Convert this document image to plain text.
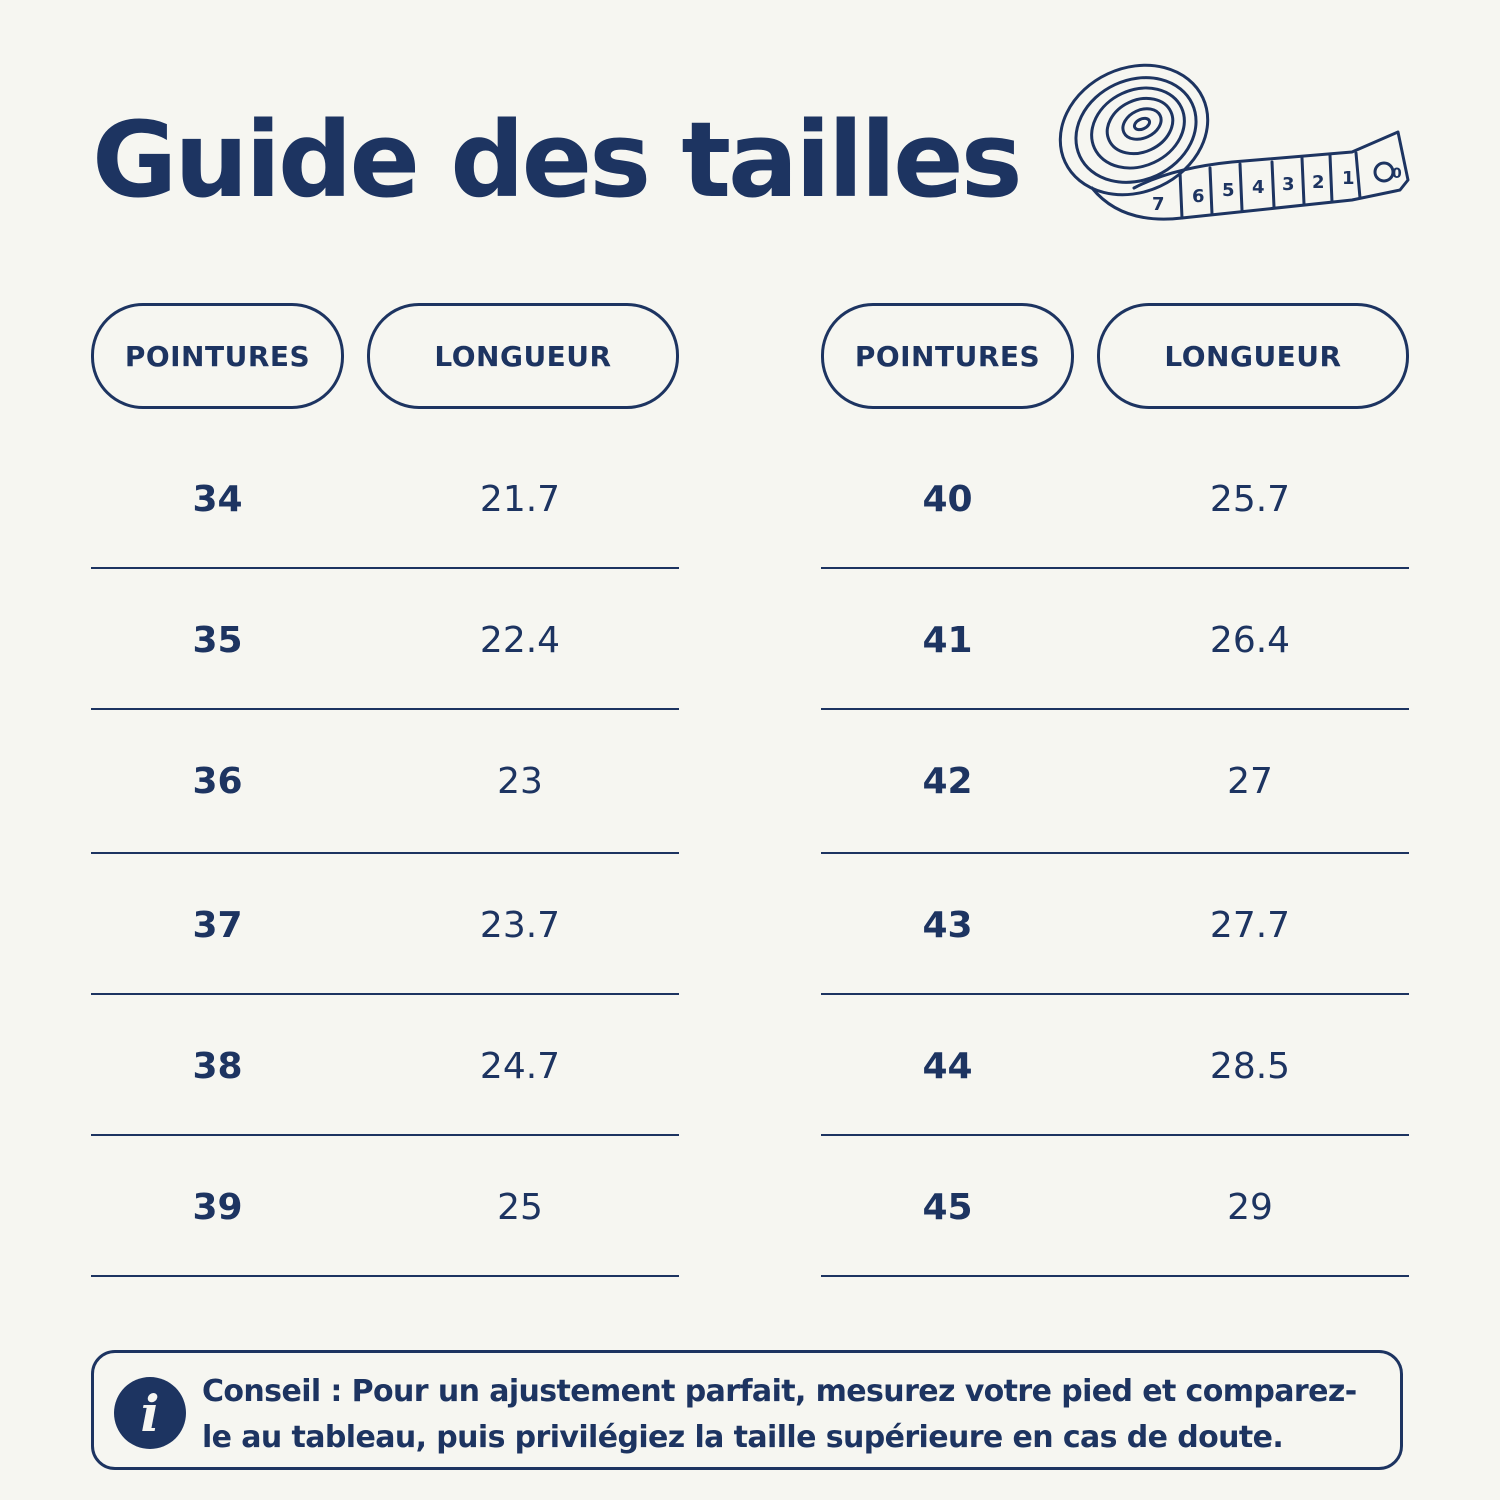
Guide des tailles	7 6 5 4 3 2 1	0
POINTURES	LONGUEUR
34	21.7
35	22.4
36	23
37	23.7
38	24.7
39	25
POINTURES	LONGUEUR
40	25.7
41	26.4
42	27
43	27.7
44	28.5
45	29
i	Conseil : Pour un ajustement parfait, mesurez votre pied et comparez-le au tableau, puis privilégiez la taille supérieure en cas de doute.
